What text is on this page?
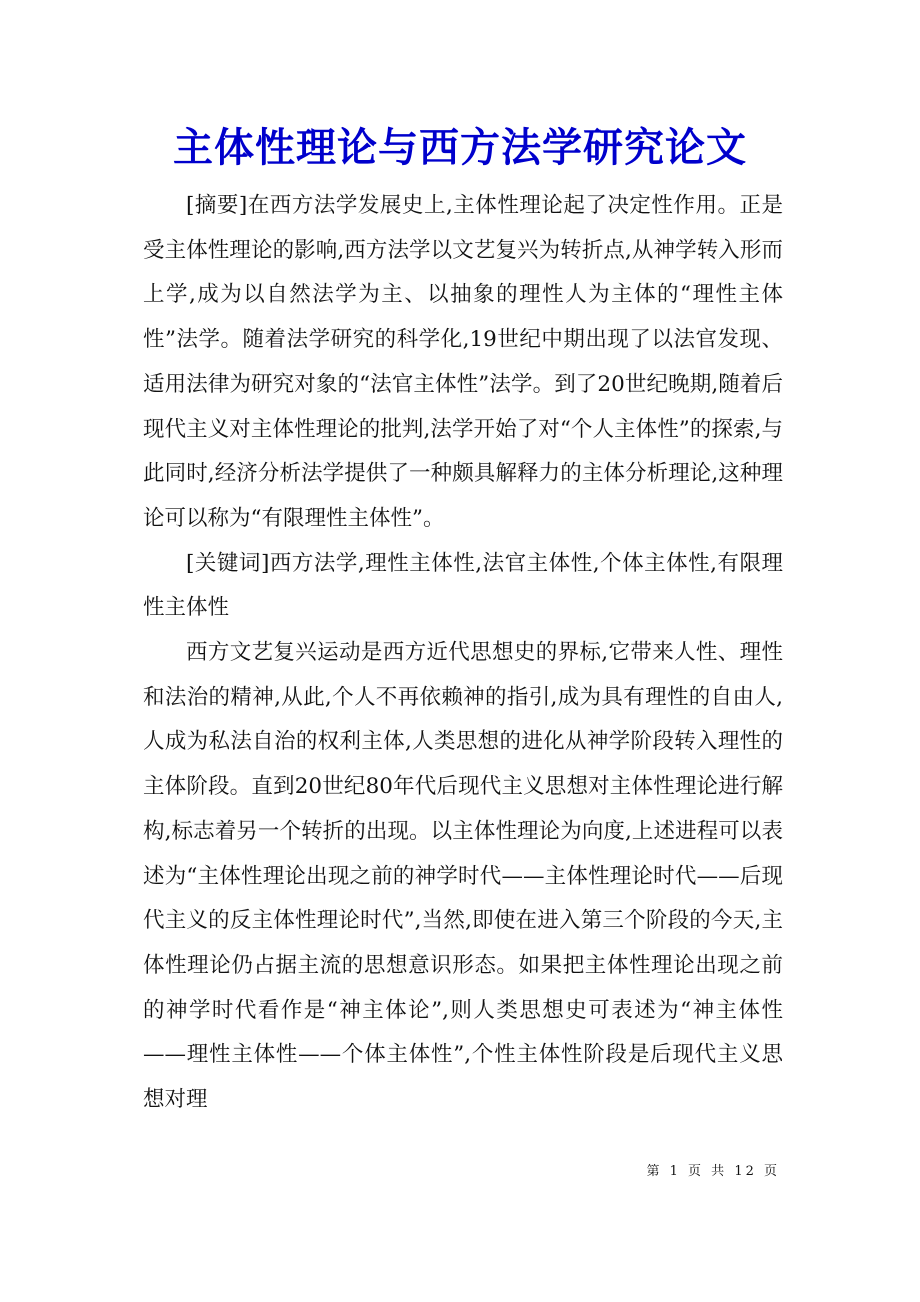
主体性理论与西方法学研究论文

[摘要]在西方法学发展史上,主体性理论起了决定性作用。正是受主体性理论的影响,西方法学以文艺复兴为转折点,从神学转入形而上学,成为以自然法学为主、以抽象的理性人为主体的“理性主体性”法学。随着法学研究的科学化,19世纪中期出现了以法官发现、适用法律为研究对象的“法官主体性”法学。到了20世纪晚期,随着后现代主义对主体性理论的批判,法学开始了对“个人主体性”的探索,与此同时,经济分析法学提供了一种颇具解释力的主体分析理论,这种理论可以称为“有限理性主体性”。

[关键词]西方法学,理性主体性,法官主体性,个体主体性,有限理性主体性

西方文艺复兴运动是西方近代思想史的界标,它带来人性、理性和法治的精神,从此,个人不再依赖神的指引,成为具有理性的自由人,人成为私法自治的权利主体,人类思想的进化从神学阶段转入理性的主体阶段。直到20世纪80年代后现代主义思想对主体性理论进行解构,标志着另一个转折的出现。以主体性理论为向度,上述进程可以表述为“主体性理论出现之前的神学时代——主体性理论时代——后现代主义的反主体性理论时代”,当然,即使在进入第三个阶段的今天,主体性理论仍占据主流的思想意识形态。如果把主体性理论出现之前的神学时代看作是“神主体论”,则人类思想史可表述为“神主体性——理性主体性——个体主体性”,个性主体性阶段是后现代主义思想对理

第 1 页 共 12 页
